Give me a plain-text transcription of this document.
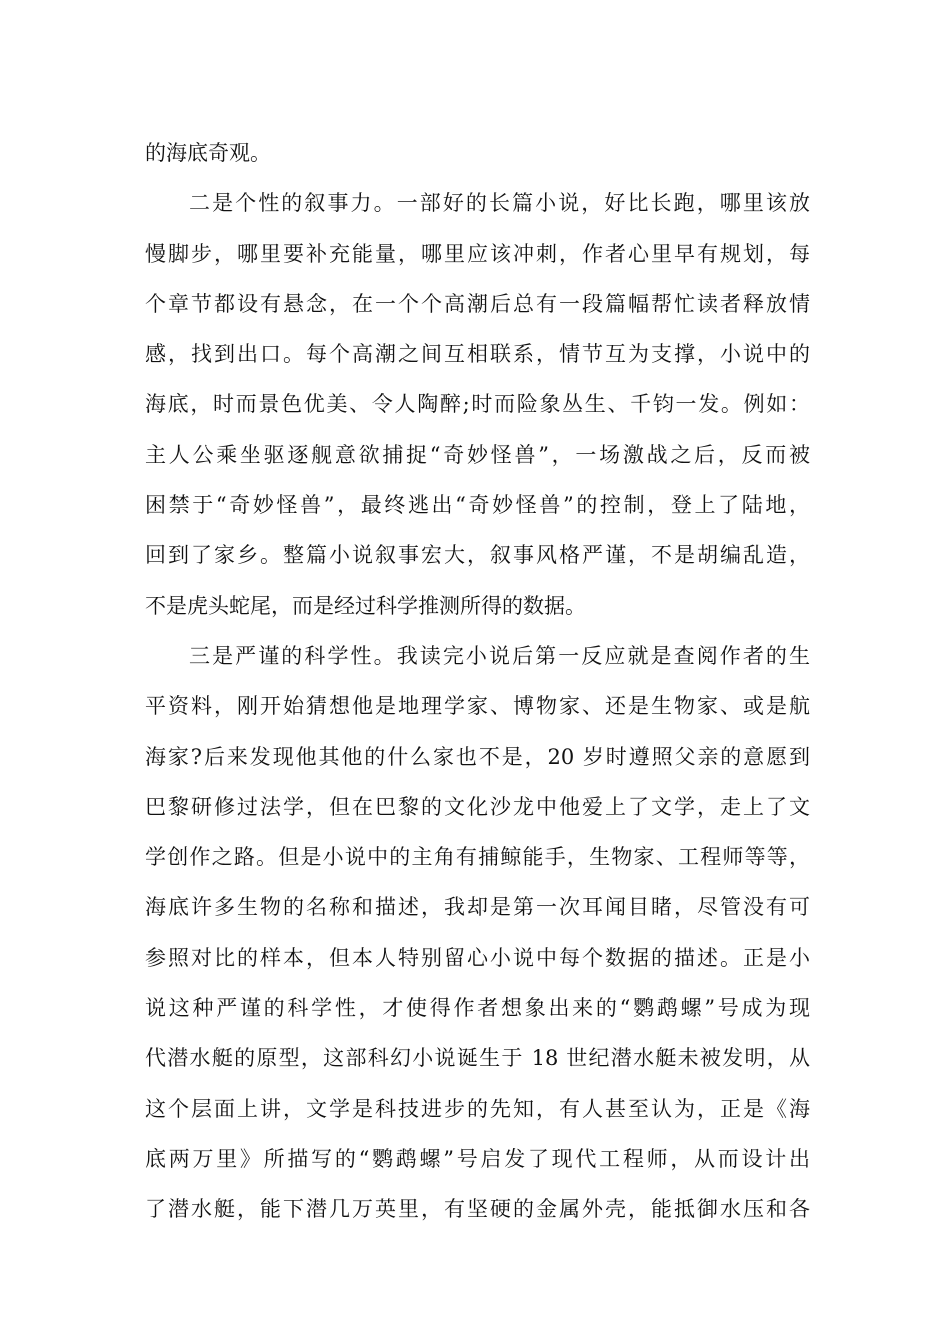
的海底奇观。
二是个性的叙事力。一部好的长篇小说，好比长跑，哪里该放
慢脚步，哪里要补充能量，哪里应该冲刺，作者心里早有规划，每
个章节都设有悬念，在一个个高潮后总有一段篇幅帮忙读者释放情
感，找到出口。每个高潮之间互相联系，情节互为支撑，小说中的
海底，时而景色优美、令人陶醉;时而险象丛生、千钧一发。例如：
主人公乘坐驱逐舰意欲捕捉“奇妙怪兽”，一场激战之后，反而被
困禁于“奇妙怪兽”，最终逃出“奇妙怪兽”的控制，登上了陆地，
回到了家乡。整篇小说叙事宏大，叙事风格严谨，不是胡编乱造，
不是虎头蛇尾，而是经过科学推测所得的数据。
三是严谨的科学性。我读完小说后第一反应就是查阅作者的生
平资料，刚开始猜想他是地理学家、博物家、还是生物家、或是航
海家?后来发现他其他的什么家也不是，20 岁时遵照父亲的意愿到
巴黎研修过法学，但在巴黎的文化沙龙中他爱上了文学，走上了文
学创作之路。但是小说中的主角有捕鲸能手，生物家、工程师等等，
海底许多生物的名称和描述，我却是第一次耳闻目睹，尽管没有可
参照对比的样本，但本人特别留心小说中每个数据的描述。正是小
说这种严谨的科学性，才使得作者想象出来的“鹦鹉螺”号成为现
代潜水艇的原型，这部科幻小说诞生于 18 世纪潜水艇未被发明，从
这个层面上讲，文学是科技进步的先知，有人甚至认为，正是《海
底两万里》所描写的“鹦鹉螺”号启发了现代工程师，从而设计出
了潜水艇，能下潜几万英里，有坚硬的金属外壳，能抵御水压和各
